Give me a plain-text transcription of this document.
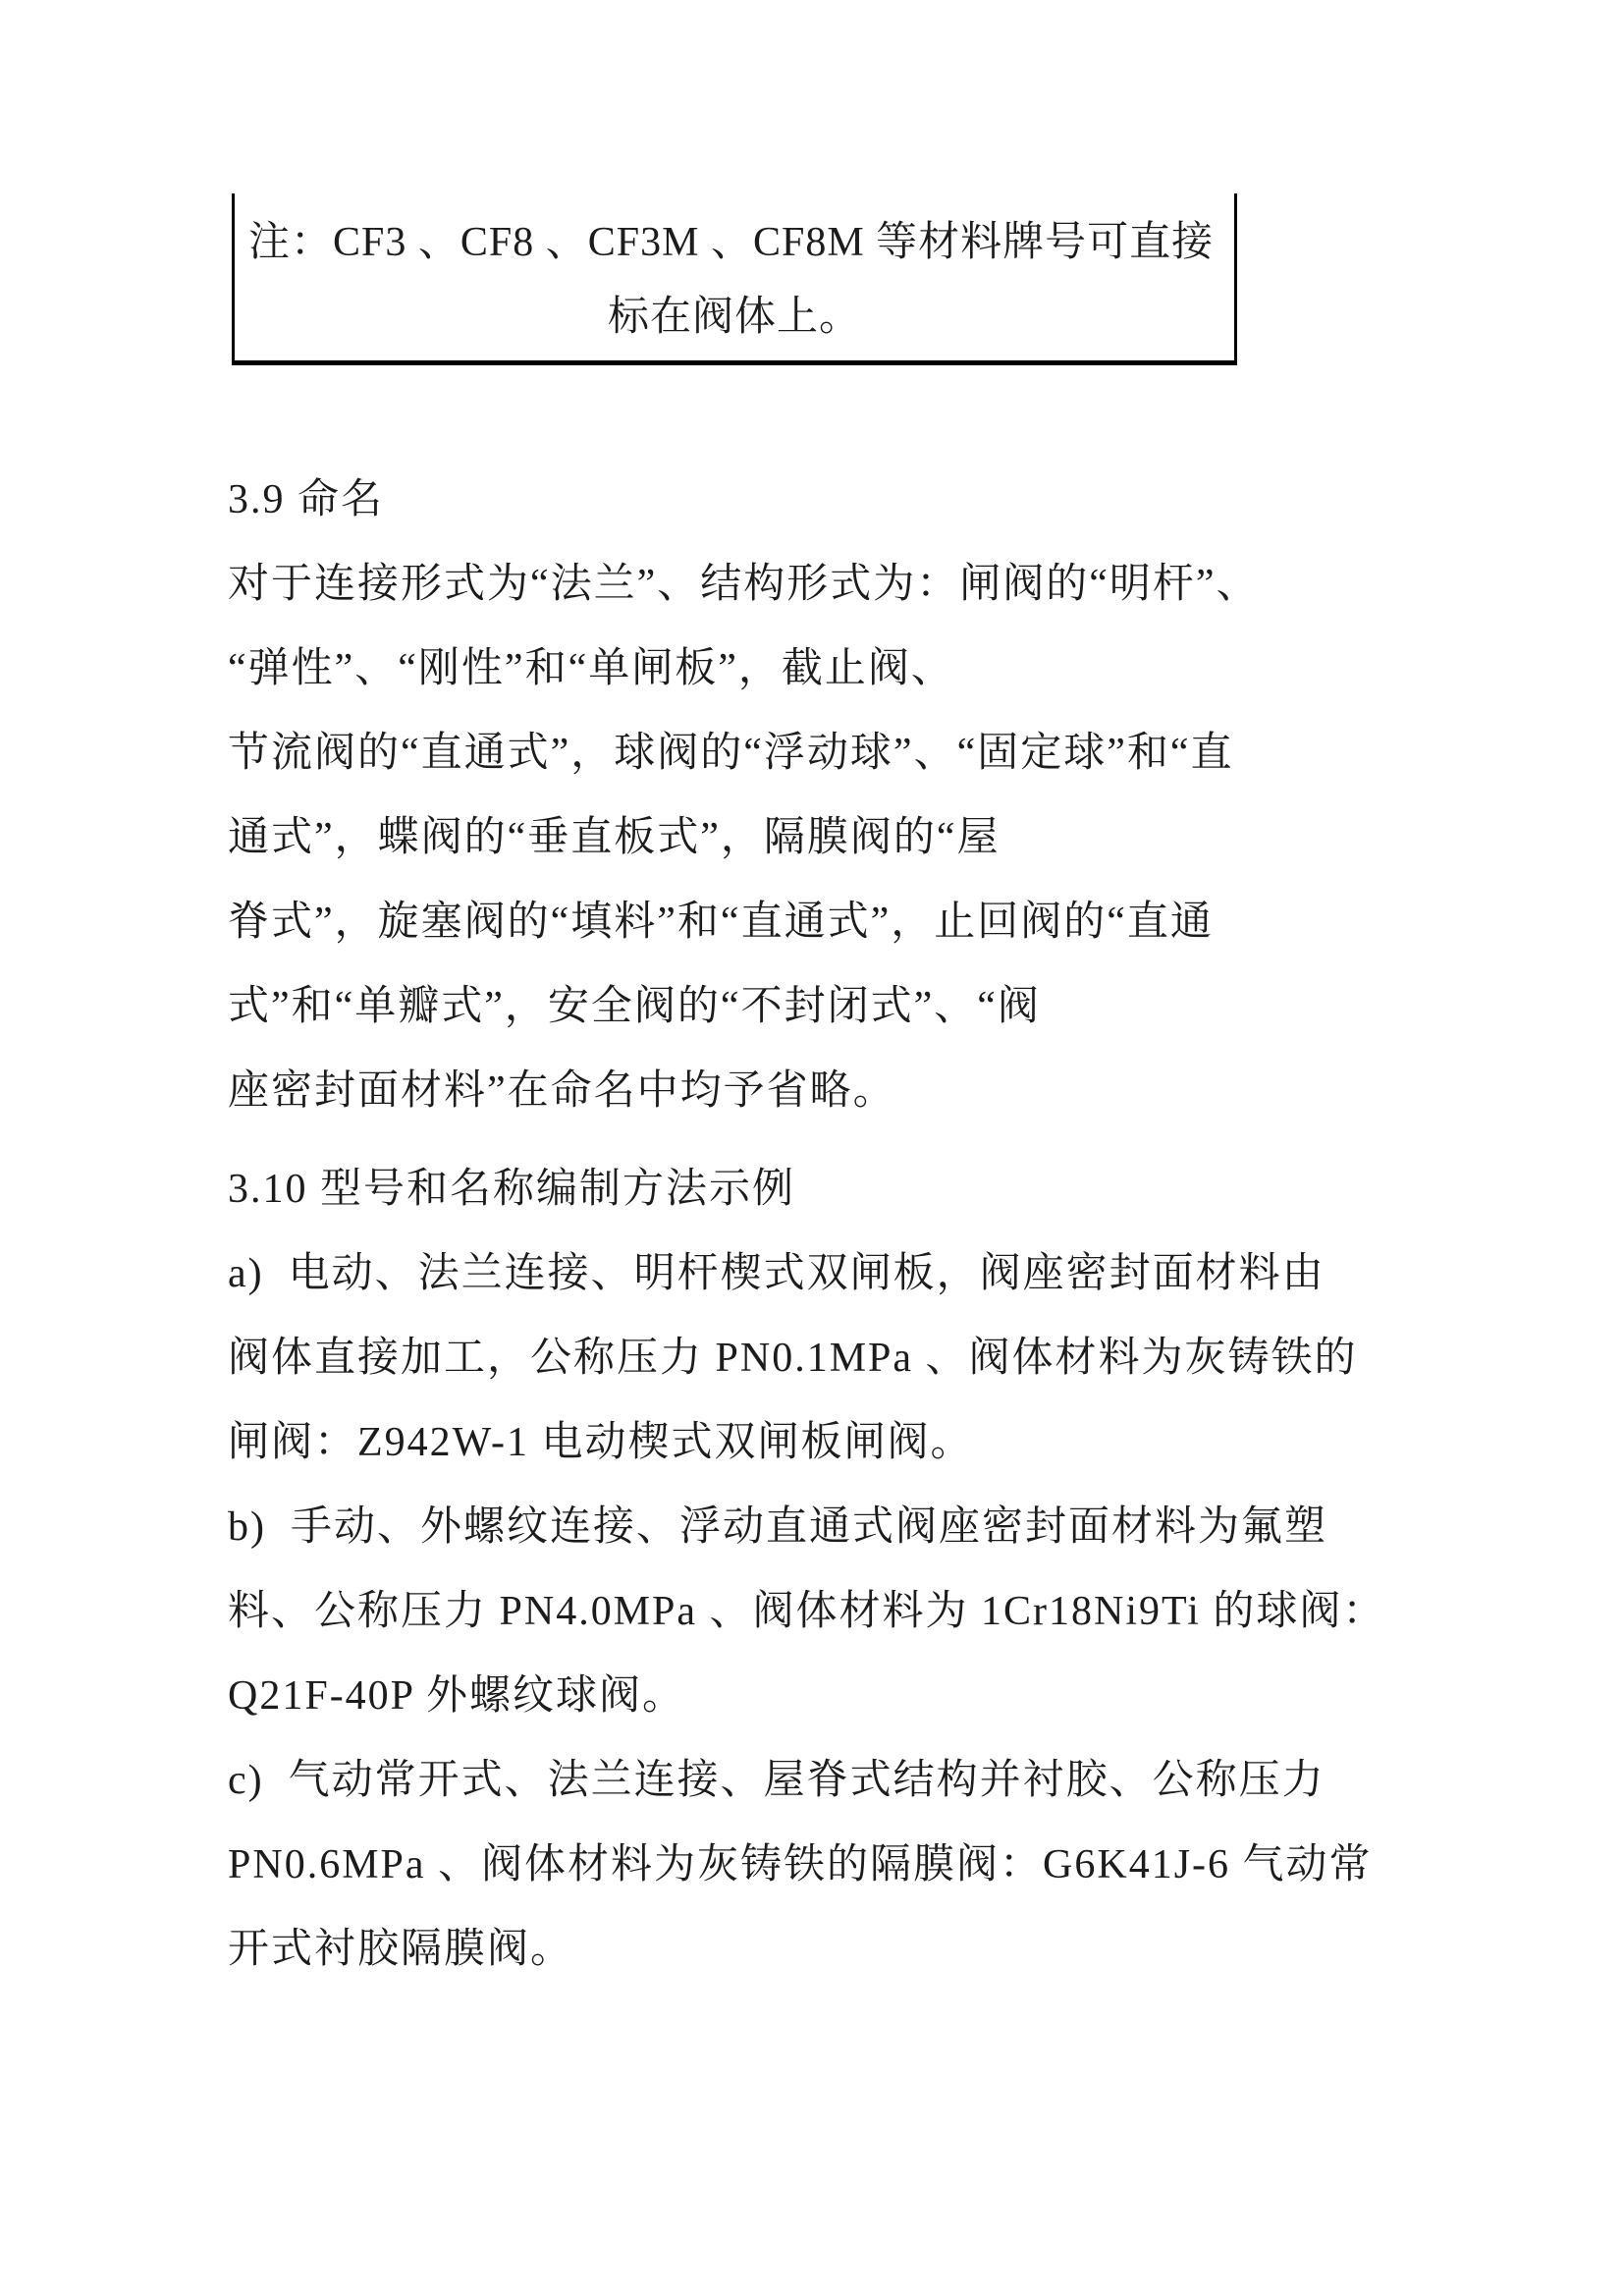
注：CF3 、CF8 、CF3M 、CF8M 等材料牌号可直接
标在阀体上。
3.9 命名
对于连接形式为“法兰”、结构形式为：闸阀的“明杆”、
“弹性”、“刚性”和“单闸板”，截止阀、
节流阀的“直通式”，球阀的“浮动球”、“固定球”和“直
通式”，蝶阀的“垂直板式”，隔膜阀的“屋
脊式”，旋塞阀的“填料”和“直通式”，止回阀的“直通
式”和“单瓣式”，安全阀的“不封闭式”、“阀
座密封面材料”在命名中均予省略。
3.10 型号和名称编制方法示例
a)  电动、法兰连接、明杆楔式双闸板，阀座密封面材料由
阀体直接加工，公称压力 PN0.1MPa 、阀体材料为灰铸铁的
闸阀：Z942W-1 电动楔式双闸板闸阀。
b)  手动、外螺纹连接、浮动直通式阀座密封面材料为氟塑
料、公称压力 PN4.0MPa 、阀体材料为 1Cr18Ni9Ti 的球阀：
Q21F-40P 外螺纹球阀。
c)  气动常开式、法兰连接、屋脊式结构并衬胶、公称压力
PN0.6MPa 、阀体材料为灰铸铁的隔膜阀：G6K41J-6 气动常
开式衬胶隔膜阀。
